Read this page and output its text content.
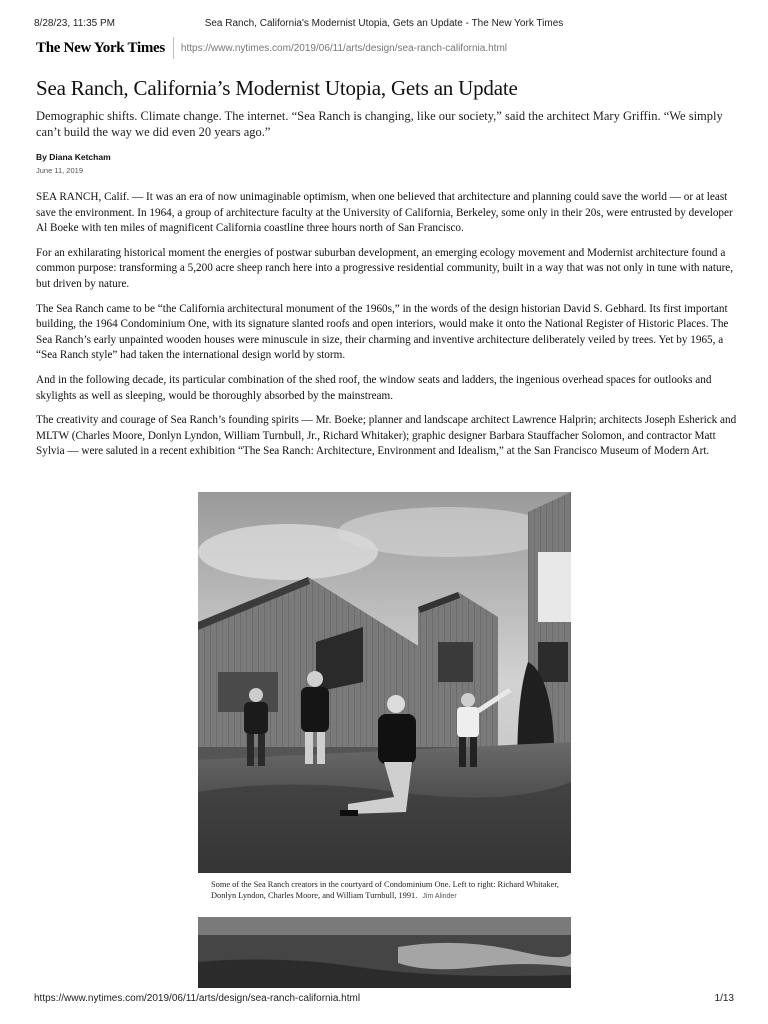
8/28/23, 11:35 PM	Sea Ranch, California's Modernist Utopia, Gets an Update - The New York Times
The New York Times	https://www.nytimes.com/2019/06/11/arts/design/sea-ranch-california.html
Sea Ranch, California’s Modernist Utopia, Gets an Update

Demographic shifts. Climate change. The internet. “Sea Ranch is changing, like our society,” said the architect Mary Griffin. “We simply can’t build the way we did even 20 years ago.”

By Diana Ketcham
June 11, 2019

SEA RANCH, Calif. — It was an era of now unimaginable optimism, when one believed that architecture and planning could save the world — or at least save the environment. In 1964, a group of architecture faculty at the University of California, Berkeley, some only in their 20s, were entrusted by developer Al Boeke with ten miles of magnificent California coastline three hours north of San Francisco.

For an exhilarating historical moment the energies of postwar suburban development, an emerging ecology movement and Modernist architecture found a common purpose: transforming a 5,200 acre sheep ranch here into a progressive residential community, built in a way that was not only in tune with nature, but driven by nature.

The Sea Ranch came to be “the California architectural monument of the 1960s,” in the words of the design historian David S. Gebhard. Its first important building, the 1964 Condominium One, with its signature slanted roofs and open interiors, would make it onto the National Register of Historic Places. The Sea Ranch’s early unpainted wooden houses were minuscule in size, their charming and inventive architecture deliberately veiled by trees. Yet by 1965, a “Sea Ranch style” had taken the international design world by storm.

And in the following decade, its particular combination of the shed roof, the window seats and ladders, the ingenious overhead spaces for outlooks and skylights as well as sleeping, would be thoroughly absorbed by the mainstream.

The creativity and courage of Sea Ranch’s founding spirits — Mr. Boeke; planner and landscape architect Lawrence Halprin; architects Joseph Esherick and MLTW (Charles Moore, Donlyn Lyndon, William Turnbull, Jr., Richard Whitaker); graphic designer Barbara Stauffacher Solomon, and contractor Matt Sylvia — were saluted in a recent exhibition “The Sea Ranch: Architecture, Environment and Idealism,” at the San Francisco Museum of Modern Art.

Some of the Sea Ranch creators in the courtyard of Condominium One. Left to right: Richard Whitaker, Donlyn Lyndon, Charles Moore, and William Turnbull, 1991. Jim Alinder
https://www.nytimes.com/2019/06/11/arts/design/sea-ranch-california.html	1/13
